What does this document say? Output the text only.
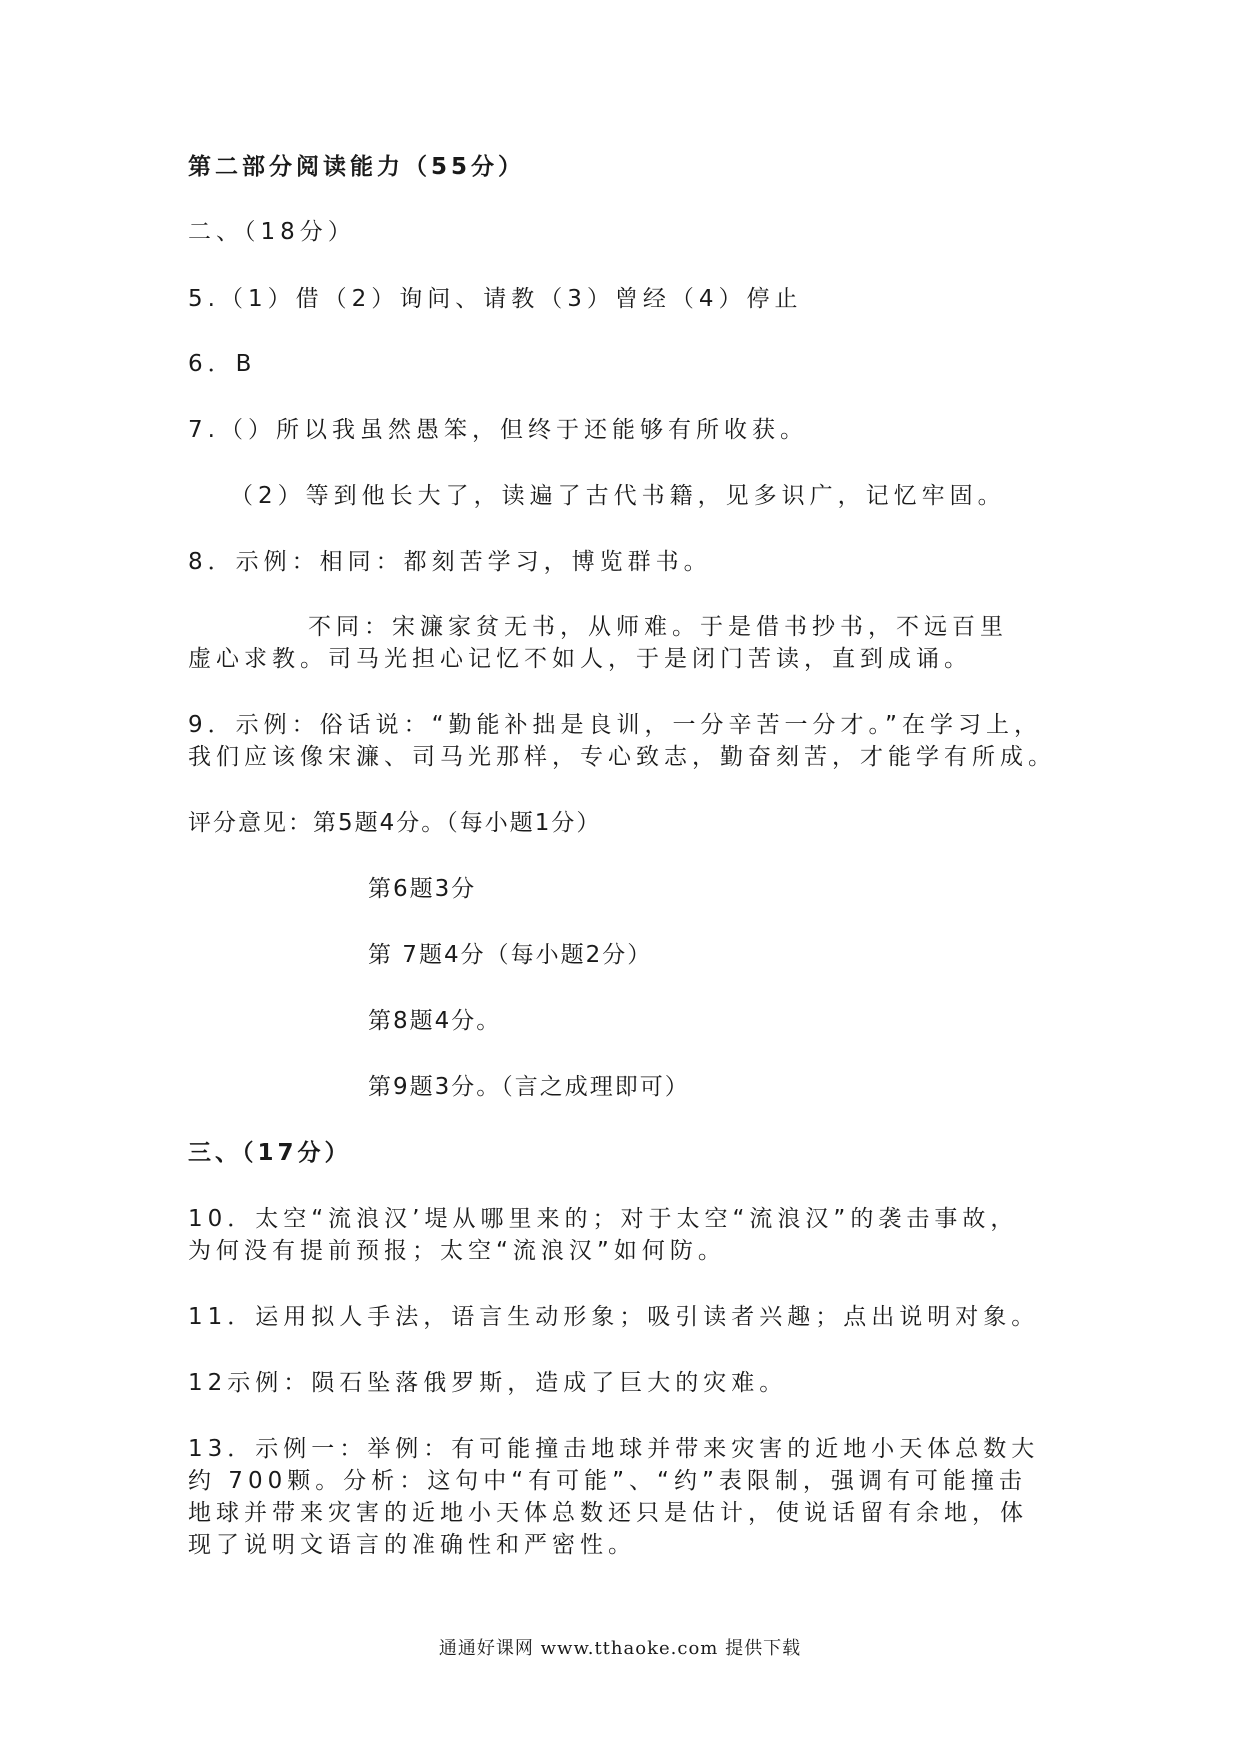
第二部分阅读能力（55分）
二、（18分）
5.（1）借（2）询问、请教（3）曾经（4）停止
6．B
7.（）所以我虽然愚笨，但终于还能够有所收获。
（2）等到他长大了，读遍了古代书籍，见多识广，记忆牢固。
8．示例：相同：都刻苦学习，博览群书。
不同：宋濂家贫无书，从师难。于是借书抄书，不远百里
虚心求教。司马光担心记忆不如人，于是闭门苦读，直到成诵。
9．示例：俗话说：“勤能补拙是良训，一分辛苦一分才。”在学习上，
我们应该像宋濂、司马光那样，专心致志，勤奋刻苦，才能学有所成。
评分意见：第5题4分。（每小题1分）
第6题3分
第 7题4分（每小题2分）
第8题4分。
第9题3分。（言之成理即可）
三、（17分）
10．太空“流浪汉’堤从哪里来的；对于太空“流浪汉”的袭击事故，
为何没有提前预报；太空“流浪汉”如何防。
11．运用拟人手法，语言生动形象；吸引读者兴趣；点出说明对象。
12示例：陨石坠落俄罗斯，造成了巨大的灾难。
13．示例一：举例：有可能撞击地球并带来灾害的近地小天体总数大
约 700颗。分析：这句中“有可能”、“约”表限制，强调有可能撞击
地球并带来灾害的近地小天体总数还只是估计，使说话留有余地，体
现了说明文语言的准确性和严密性。
通通好课网 www.tthaoke.com 提供下载
